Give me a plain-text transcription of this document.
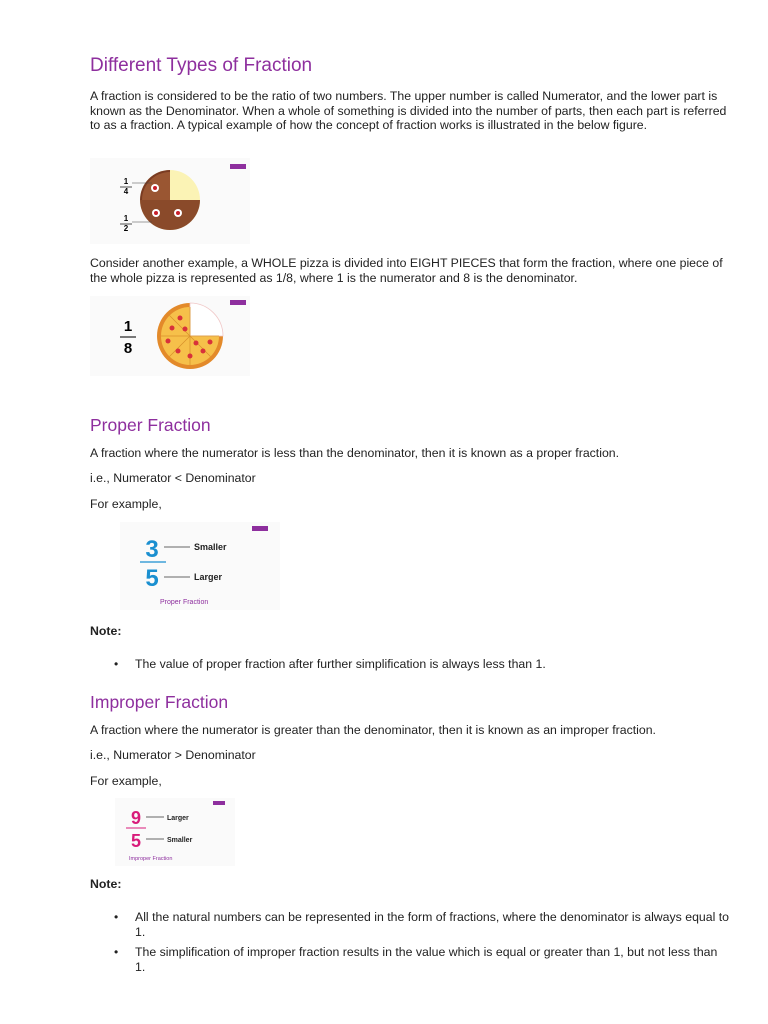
Different Types of Fraction

A fraction is considered to be the ratio of two numbers. The upper number is called Numerator, and the lower part is known as the Denominator. When a whole of something is divided into the number of parts, then each part is referred to as a fraction. A typical example of how the concept of fraction works is illustrated in the below figure.

1
4
1
2

Consider another example, a WHOLE pizza is divided into EIGHT PIECES that form the fraction, where one piece of the whole pizza is represented as 1/8, where 1 is the numerator and 8 is the denominator.

1
8
Proper Fraction

A fraction where the numerator is less than the denominator, then it is known as a proper fraction.

i.e., Numerator < Denominator

For example,

3
5
Smaller
Larger
Proper Fraction

Note:

• The value of proper fraction after further simplification is always less than 1.
Improper Fraction

A fraction where the numerator is greater than the denominator, then it is known as an improper fraction.

i.e., Numerator > Denominator

For example,

9
5
Larger
Smaller
Improper Fraction

Note:

• All the natural numbers can be represented in the form of fractions, where the denominator is always equal to 1.
• The simplification of improper fraction results in the value which is equal or greater than 1, but not less than 1.
